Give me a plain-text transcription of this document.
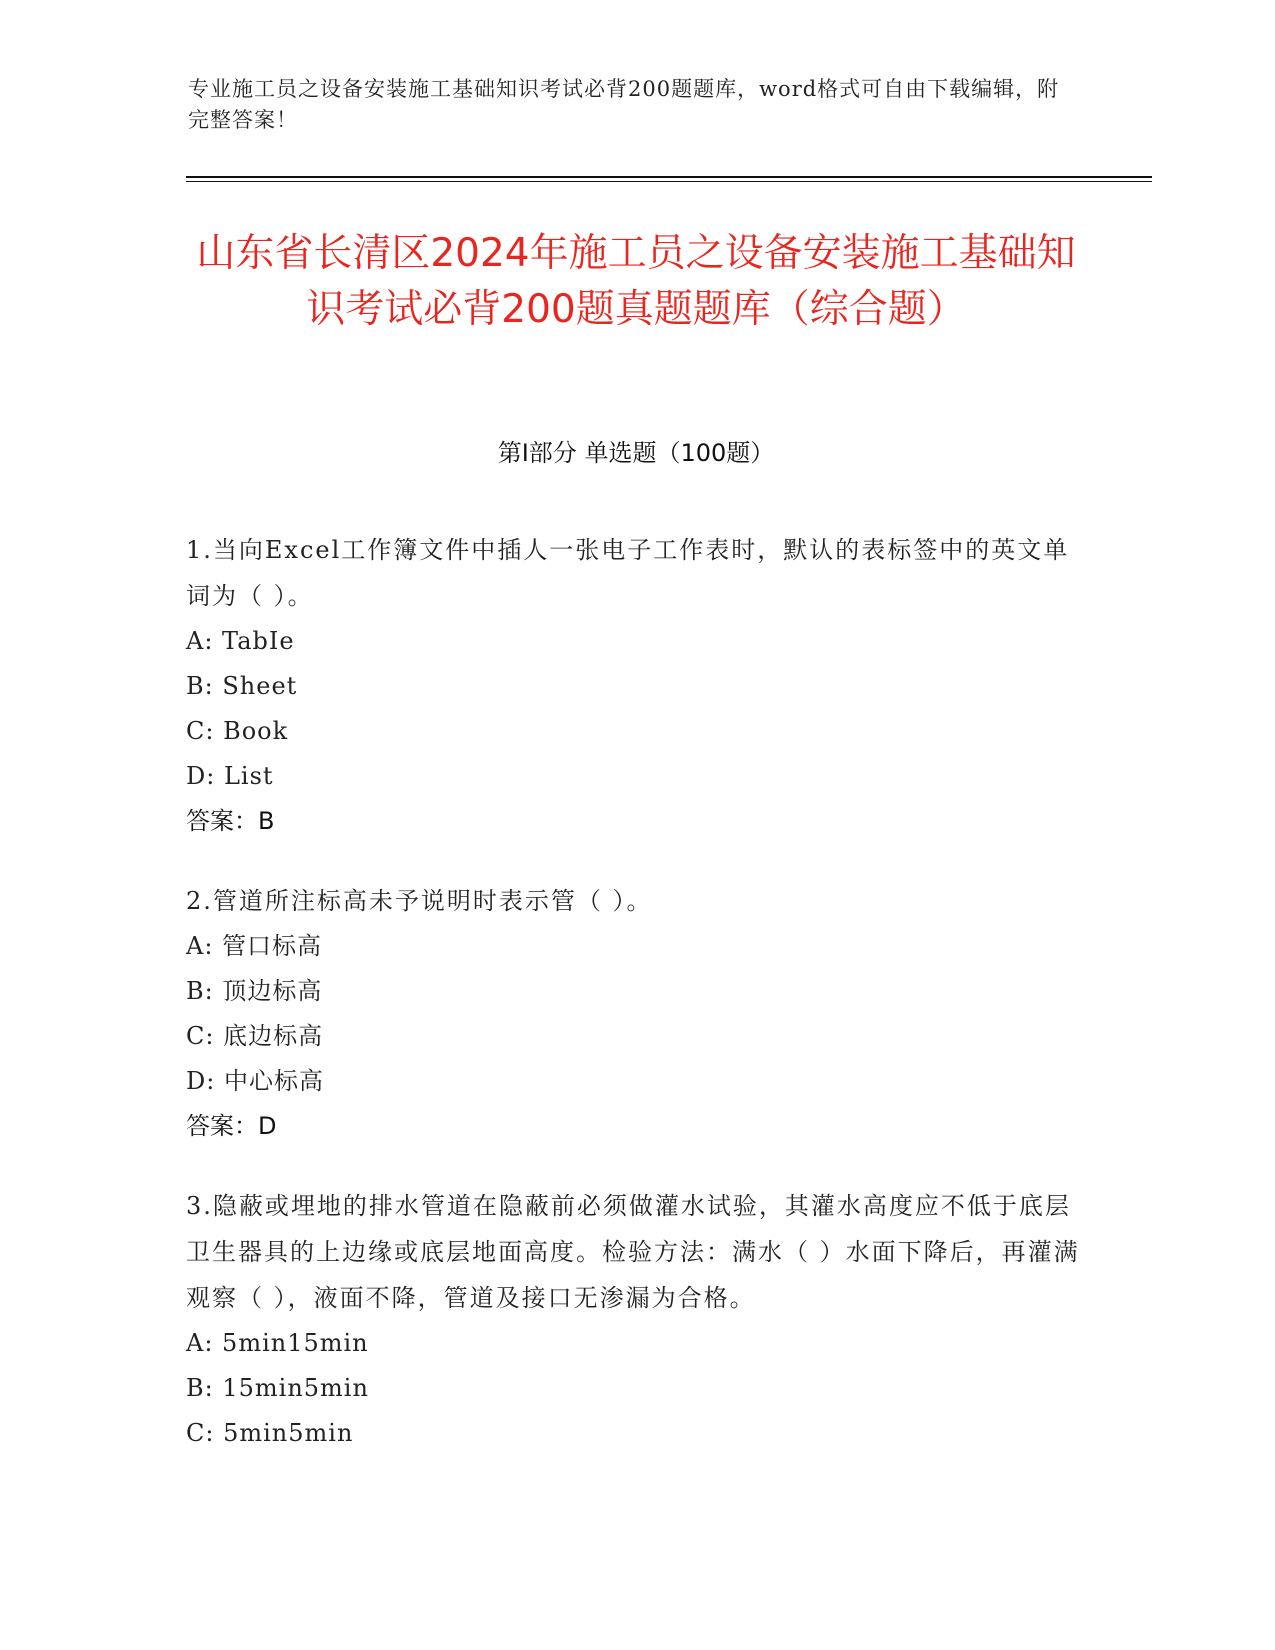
专业施工员之设备安装施工基础知识考试必背200题题库，word格式可自由下载编辑，附完整答案！
山东省长清区2024年施工员之设备安装施工基础知识考试必背200题真题题库（综合题）
第I部分 单选题（100题）
1.当向Excel工作簿文件中插人一张电子工作表时，默认的表标签中的英文单词为（ ）。
A: TabIe
B: Sheet
C: Book
D: List
答案：B
2.管道所注标高未予说明时表示管（ ）。
A: 管口标高
B: 顶边标高
C: 底边标高
D: 中心标高
答案：D
3.隐蔽或埋地的排水管道在隐蔽前必须做灌水试验，其灌水高度应不低于底层卫生器具的上边缘或底层地面高度。检验方法：满水（ ）水面下降后，再灌满观察（ ），液面不降，管道及接口无渗漏为合格。
A: 5min15min
B: 15min5min
C: 5min5min
